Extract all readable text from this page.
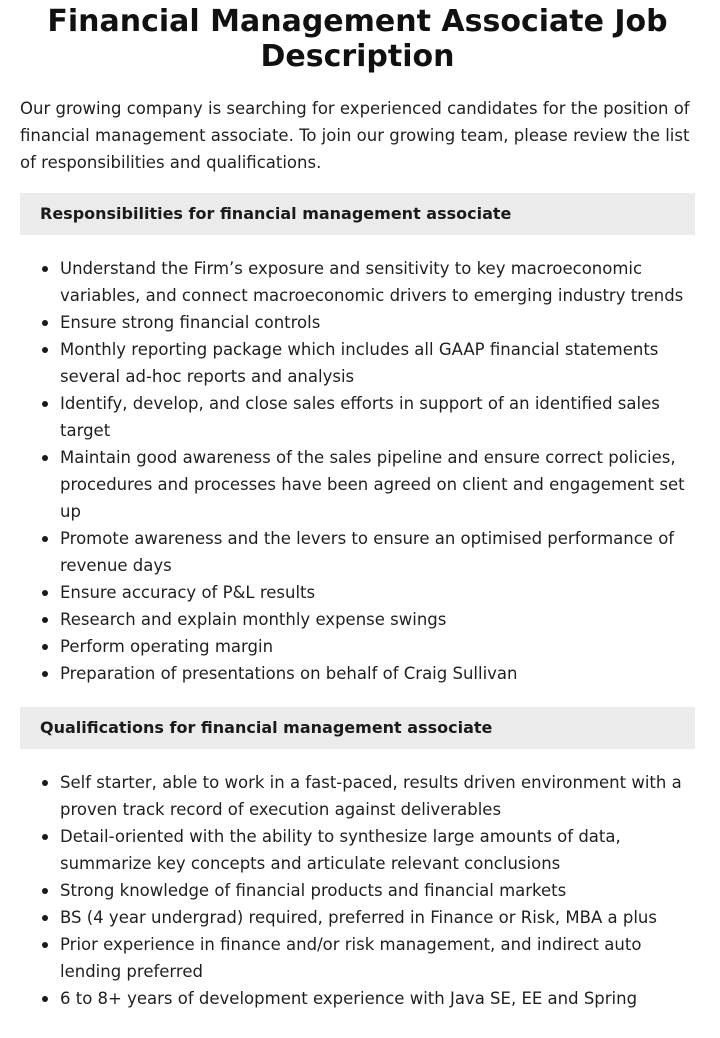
Financial Management Associate Job Description

Our growing company is searching for experienced candidates for the position of financial management associate. To join our growing team, please review the list of responsibilities and qualifications.

Responsibilities for financial management associate
Understand the Firm’s exposure and sensitivity to key macroeconomic variables, and connect macroeconomic drivers to emerging industry trends
Ensure strong financial controls
Monthly reporting package which includes all GAAP financial statements several ad-hoc reports and analysis
Identify, develop, and close sales efforts in support of an identified sales target
Maintain good awareness of the sales pipeline and ensure correct policies, procedures and processes have been agreed on client and engagement set up
Promote awareness and the levers to ensure an optimised performance of revenue days
Ensure accuracy of P&L results
Research and explain monthly expense swings
Perform operating margin
Preparation of presentations on behalf of Craig Sullivan
Qualifications for financial management associate
Self starter, able to work in a fast-paced, results driven environment with a proven track record of execution against deliverables
Detail-oriented with the ability to synthesize large amounts of data, summarize key concepts and articulate relevant conclusions
Strong knowledge of financial products and financial markets
BS (4 year undergrad) required, preferred in Finance or Risk, MBA a plus
Prior experience in finance and/or risk management, and indirect auto lending preferred
6 to 8+ years of development experience with Java SE, EE and Spring
